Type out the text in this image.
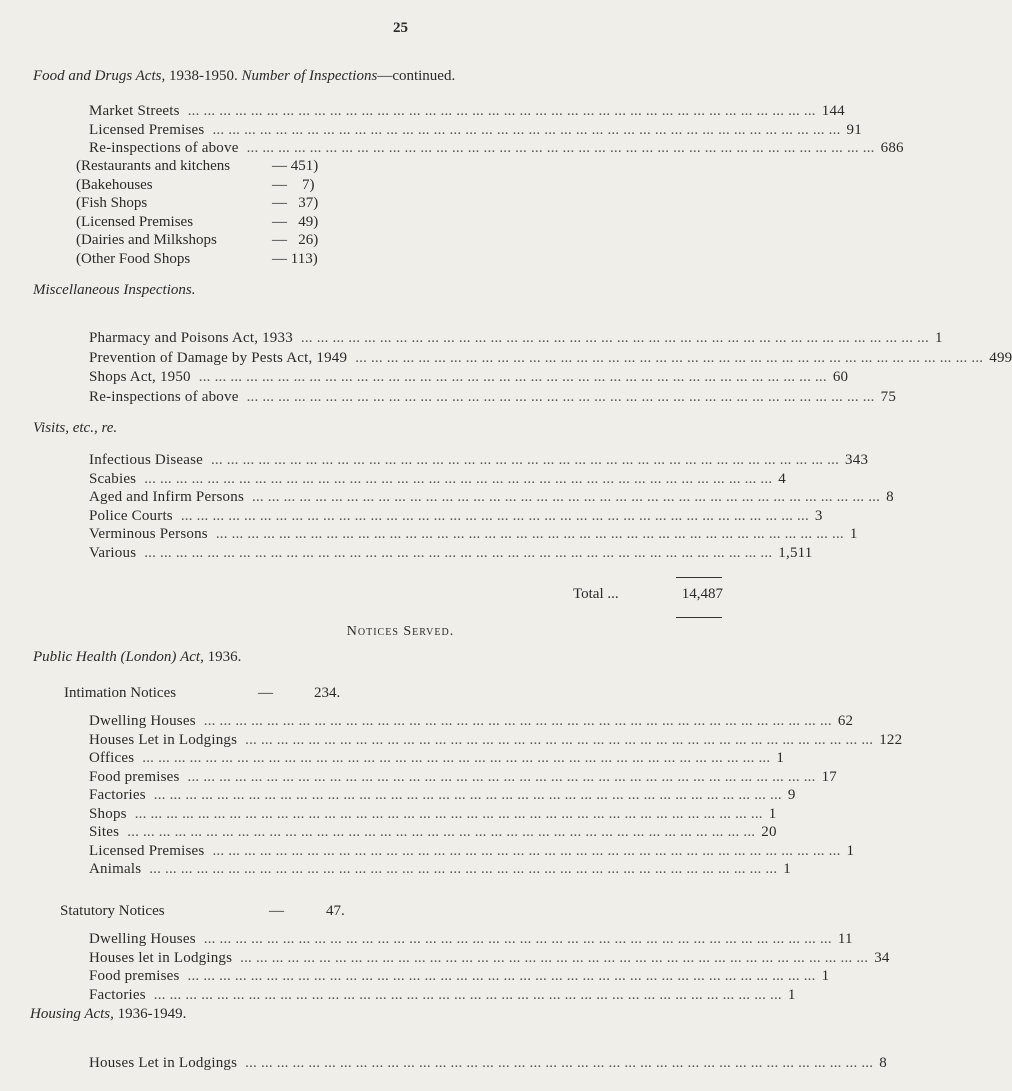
25
Food and Drugs Acts, 1938-1950. Number of Inspections—continued.
Market Streets ... ... ... ... ... ... ... ... ... ... ... ... ... ... ... ... ... ... ... ... ... ... ... ... ... ... ... ... ... ... ... ... ... ... ... ... ... ... ... ... 144
Licensed Premises ... ... ... ... ... ... ... ... ... ... ... ... ... ... ... ... ... ... ... ... ... ... ... ... ... ... ... ... ... ... ... ... ... ... ... ... ... ... ... ... 91
Re-inspections of above ... ... ... ... ... ... ... ... ... ... ... ... ... ... ... ... ... ... ... ... ... ... ... ... ... ... ... ... ... ... ... ... ... ... ... ... ... ... ... ... 686
(Restaurants and kitchens	— 451)
(Bakehouses	—    7)
(Fish Shops	—   37)
(Licensed Premises	—   49)
(Dairies and Milkshops	—   26)
(Other Food Shops	— 113)
Miscellaneous Inspections.
Pharmacy and Poisons Act, 1933 ... ... ... ... ... ... ... ... ... ... ... ... ... ... ... ... ... ... ... ... ... ... ... ... ... ... ... ... ... ... ... ... ... ... ... ... ... ... ... ... 1
Prevention of Damage by Pests Act, 1949 ... ... ... ... ... ... ... ... ... ... ... ... ... ... ... ... ... ... ... ... ... ... ... ... ... ... ... ... ... ... ... ... ... ... ... ... ... ... ... ... 499
Shops Act, 1950 ... ... ... ... ... ... ... ... ... ... ... ... ... ... ... ... ... ... ... ... ... ... ... ... ... ... ... ... ... ... ... ... ... ... ... ... ... ... ... ... 60
Re-inspections of above ... ... ... ... ... ... ... ... ... ... ... ... ... ... ... ... ... ... ... ... ... ... ... ... ... ... ... ... ... ... ... ... ... ... ... ... ... ... ... ... 75
Visits, etc., re.
Infectious Disease ... ... ... ... ... ... ... ... ... ... ... ... ... ... ... ... ... ... ... ... ... ... ... ... ... ... ... ... ... ... ... ... ... ... ... ... ... ... ... ... 343
Scabies ... ... ... ... ... ... ... ... ... ... ... ... ... ... ... ... ... ... ... ... ... ... ... ... ... ... ... ... ... ... ... ... ... ... ... ... ... ... ... ... 4
Aged and Infirm Persons ... ... ... ... ... ... ... ... ... ... ... ... ... ... ... ... ... ... ... ... ... ... ... ... ... ... ... ... ... ... ... ... ... ... ... ... ... ... ... ... 8
Police Courts ... ... ... ... ... ... ... ... ... ... ... ... ... ... ... ... ... ... ... ... ... ... ... ... ... ... ... ... ... ... ... ... ... ... ... ... ... ... ... ... 3
Verminous Persons ... ... ... ... ... ... ... ... ... ... ... ... ... ... ... ... ... ... ... ... ... ... ... ... ... ... ... ... ... ... ... ... ... ... ... ... ... ... ... ... 1
Various ... ... ... ... ... ... ... ... ... ... ... ... ... ... ... ... ... ... ... ... ... ... ... ... ... ... ... ... ... ... ... ... ... ... ... ... ... ... ... ... 1,511
Total ...	14,487
Notices Served.
Public Health (London) Act, 1936.
Intimation Notices	—	234.
Dwelling Houses ... ... ... ... ... ... ... ... ... ... ... ... ... ... ... ... ... ... ... ... ... ... ... ... ... ... ... ... ... ... ... ... ... ... ... ... ... ... ... ... 62
Houses Let in Lodgings ... ... ... ... ... ... ... ... ... ... ... ... ... ... ... ... ... ... ... ... ... ... ... ... ... ... ... ... ... ... ... ... ... ... ... ... ... ... ... ... 122
Offices ... ... ... ... ... ... ... ... ... ... ... ... ... ... ... ... ... ... ... ... ... ... ... ... ... ... ... ... ... ... ... ... ... ... ... ... ... ... ... ... 1
Food premises ... ... ... ... ... ... ... ... ... ... ... ... ... ... ... ... ... ... ... ... ... ... ... ... ... ... ... ... ... ... ... ... ... ... ... ... ... ... ... ... 17
Factories ... ... ... ... ... ... ... ... ... ... ... ... ... ... ... ... ... ... ... ... ... ... ... ... ... ... ... ... ... ... ... ... ... ... ... ... ... ... ... ... 9
Shops ... ... ... ... ... ... ... ... ... ... ... ... ... ... ... ... ... ... ... ... ... ... ... ... ... ... ... ... ... ... ... ... ... ... ... ... ... ... ... ... 1
Sites ... ... ... ... ... ... ... ... ... ... ... ... ... ... ... ... ... ... ... ... ... ... ... ... ... ... ... ... ... ... ... ... ... ... ... ... ... ... ... ... 20
Licensed Premises ... ... ... ... ... ... ... ... ... ... ... ... ... ... ... ... ... ... ... ... ... ... ... ... ... ... ... ... ... ... ... ... ... ... ... ... ... ... ... ... 1
Animals ... ... ... ... ... ... ... ... ... ... ... ... ... ... ... ... ... ... ... ... ... ... ... ... ... ... ... ... ... ... ... ... ... ... ... ... ... ... ... ... 1
Statutory Notices	—	47.
Dwelling Houses ... ... ... ... ... ... ... ... ... ... ... ... ... ... ... ... ... ... ... ... ... ... ... ... ... ... ... ... ... ... ... ... ... ... ... ... ... ... ... ... 11
Houses let in Lodgings ... ... ... ... ... ... ... ... ... ... ... ... ... ... ... ... ... ... ... ... ... ... ... ... ... ... ... ... ... ... ... ... ... ... ... ... ... ... ... ... 34
Food premises ... ... ... ... ... ... ... ... ... ... ... ... ... ... ... ... ... ... ... ... ... ... ... ... ... ... ... ... ... ... ... ... ... ... ... ... ... ... ... ... 1
Factories ... ... ... ... ... ... ... ... ... ... ... ... ... ... ... ... ... ... ... ... ... ... ... ... ... ... ... ... ... ... ... ... ... ... ... ... ... ... ... ... 1
Housing Acts, 1936-1949.
Houses Let in Lodgings ... ... ... ... ... ... ... ... ... ... ... ... ... ... ... ... ... ... ... ... ... ... ... ... ... ... ... ... ... ... ... ... ... ... ... ... ... ... ... ... 8
